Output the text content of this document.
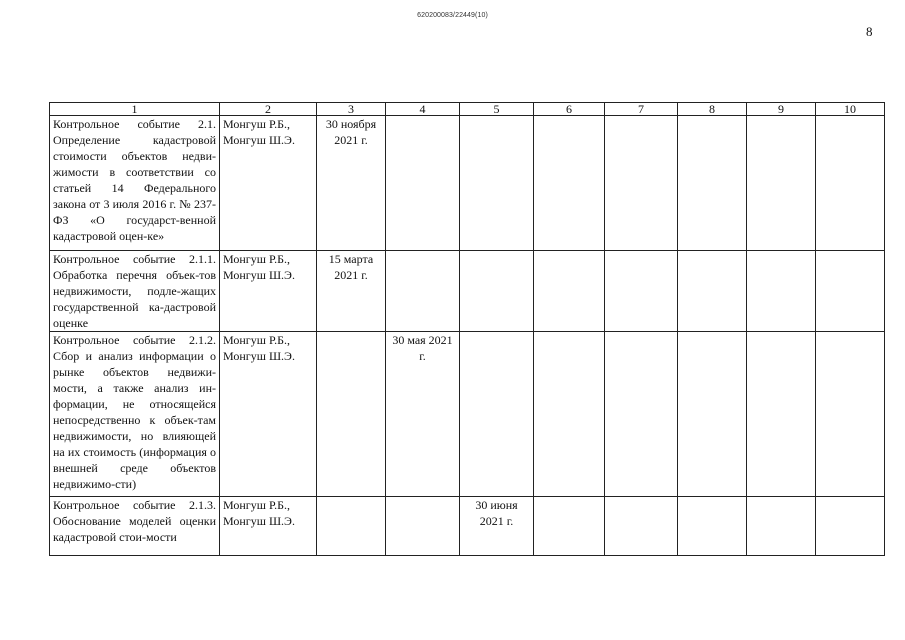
620200083/22449(10)
8
1	2	3	4	5	6	7	8	9	10
Контрольное событие 2.1. Определение кадастровой стоимости объектов недви-жимости в соответствии со статьей 14 Федерального закона от 3 июля 2016 г. № 237-ФЗ «О государст-венной кадастровой оцен-ке»	Монгуш Р.Б., Монгуш Ш.Э.	30 ноября 2021 г.							
Контрольное событие 2.1.1. Обработка перечня объек-тов недвижимости, подле-жащих государственной ка-дастровой оценке	Монгуш Р.Б., Монгуш Ш.Э.	15 марта 2021 г.							
Контрольное событие 2.1.2. Сбор и анализ информации о рынке объектов недвижи-мости, а также анализ ин-формации, не относящейся непосредственно к объек-там недвижимости, но влияющей на их стоимость (информация о внешней среде объектов недвижимо-сти)	Монгуш Р.Б., Монгуш Ш.Э.		30 мая 2021 г.						
Контрольное событие 2.1.3. Обоснование моделей оценки кадастровой стои-мости	Монгуш Р.Б., Монгуш Ш.Э.			30 июня 2021 г.					
